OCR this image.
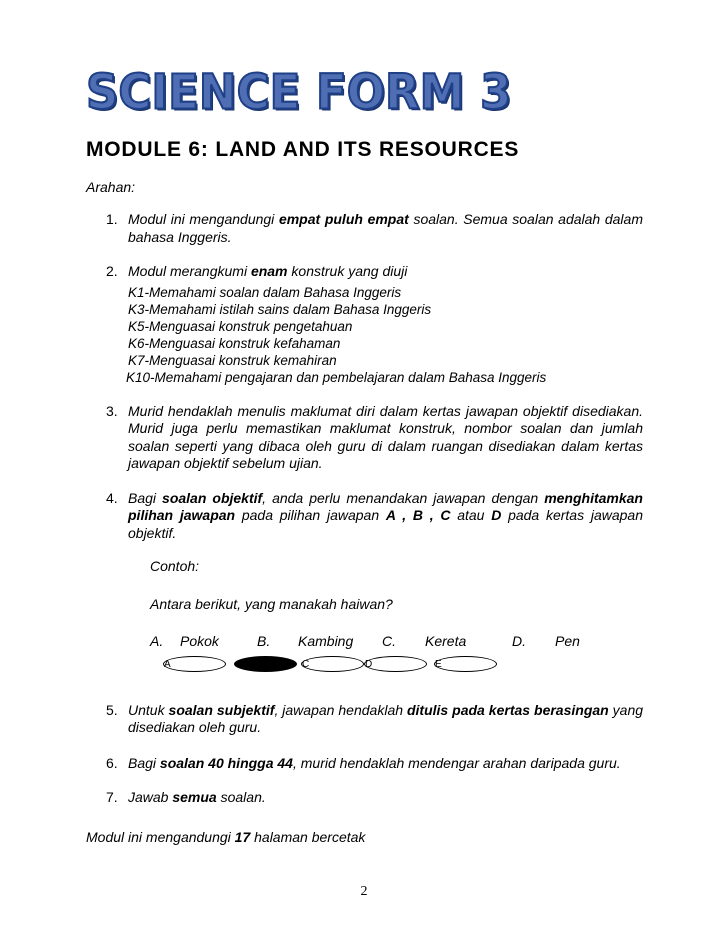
SCIENCE FORM 3
MODULE 6: LAND AND ITS RESOURCES
Arahan:
1. Modul ini mengandungi empat puluh empat soalan. Semua soalan adalah dalam bahasa Inggeris.
2. Modul merangkumi enam konstruk yang diuji
K1-Memahami soalan dalam Bahasa Inggeris
K3-Memahami istilah sains dalam Bahasa Inggeris
K5-Menguasai konstruk pengetahuan
K6-Menguasai konstruk kefahaman
K7-Menguasai konstruk kemahiran
K10-Memahami pengajaran dan pembelajaran dalam Bahasa Inggeris
3. Murid hendaklah menulis maklumat diri dalam kertas jawapan objektif disediakan. Murid juga perlu memastikan maklumat konstruk, nombor soalan dan jumlah soalan seperti yang dibaca oleh guru di dalam ruangan disediakan dalam kertas jawapan objektif sebelum ujian.
4. Bagi soalan objektif, anda perlu menandakan jawapan dengan menghitamkan pilihan jawapan pada pilihan jawapan A , B , C atau D pada kertas jawapan objektif.
Contoh:
Antara berikut, yang manakah haiwan?
A.	Pokok	B.	Kambing	C.	Kereta	D.	Pen
A	C	D	E
5. Untuk soalan subjektif, jawapan hendaklah ditulis pada kertas berasingan yang disediakan oleh guru.
6. Bagi soalan 40 hingga 44, murid hendaklah mendengar arahan daripada guru.
7. Jawab semua soalan.
Modul ini mengandungi 17 halaman bercetak
2
